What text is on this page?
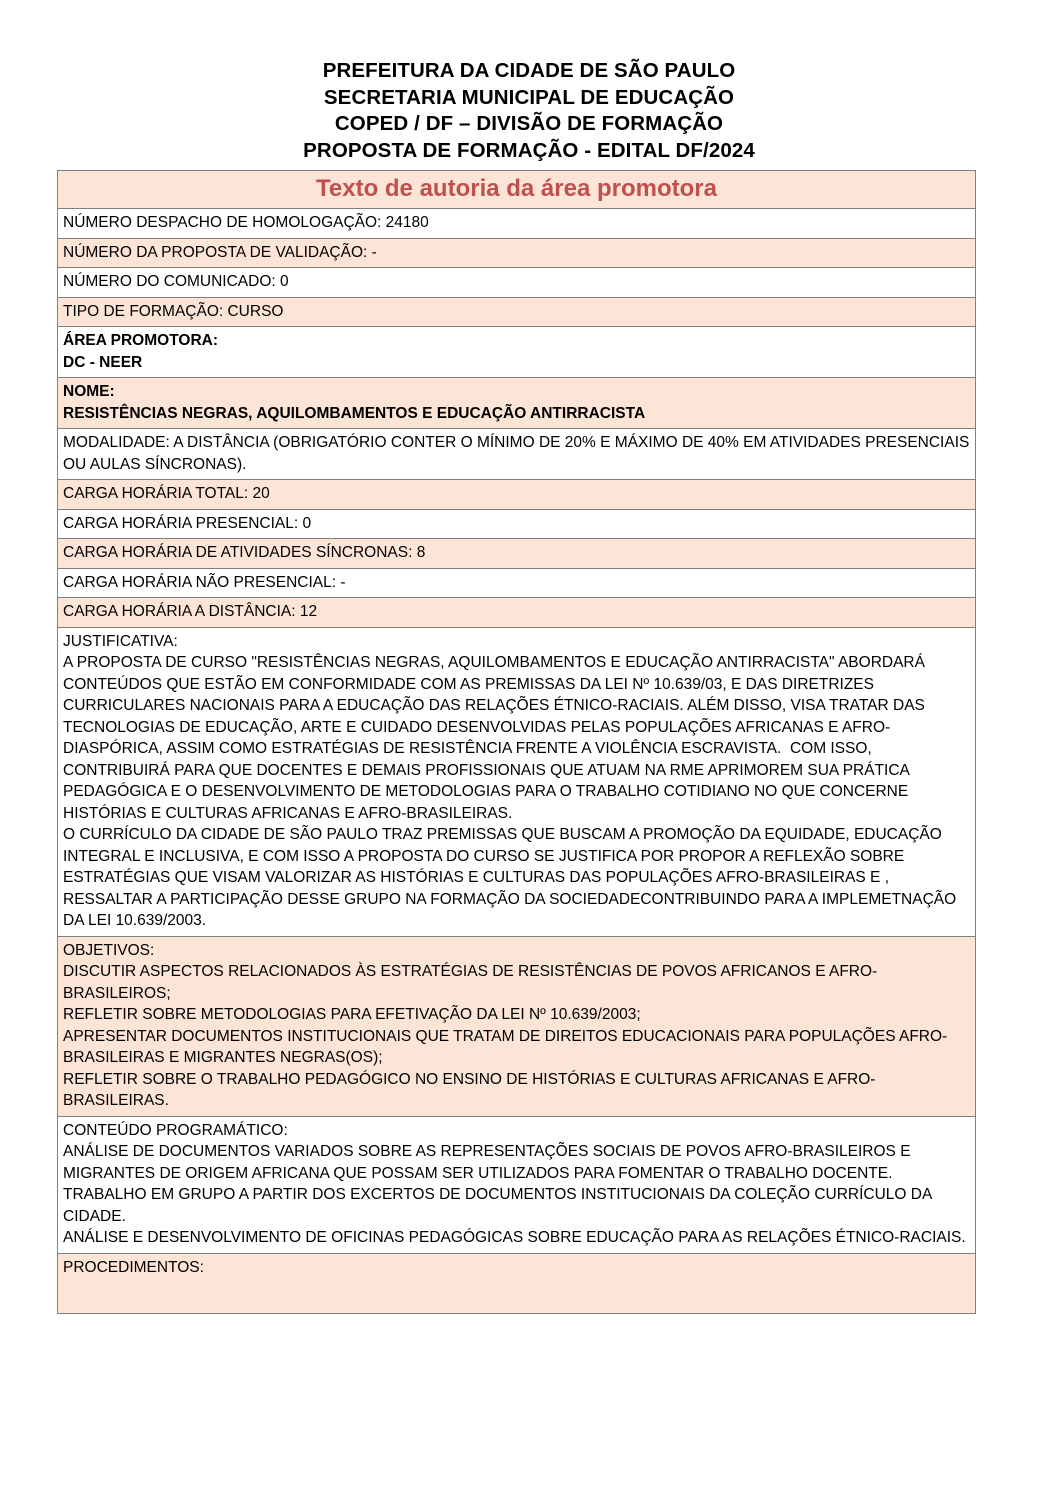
PREFEITURA DA CIDADE DE SÃO PAULO
SECRETARIA MUNICIPAL DE EDUCAÇÃO
COPED / DF – DIVISÃO DE FORMAÇÃO
PROPOSTA DE FORMAÇÃO - EDITAL DF/2024
Texto de autoria da área promotora
NÚMERO DESPACHO DE HOMOLOGAÇÃO: 24180
NÚMERO DA PROPOSTA DE VALIDAÇÃO: -
NÚMERO DO COMUNICADO: 0
TIPO DE FORMAÇÃO: CURSO

ÁREA PROMOTORA:
DC - NEER

NOME:
RESISTÊNCIAS NEGRAS, AQUILOMBAMENTOS E EDUCAÇÃO ANTIRRACISTA

MODALIDADE: A DISTÂNCIA (OBRIGATÓRIO CONTER O MÍNIMO DE 20% E MÁXIMO DE 40% EM ATIVIDADES PRESENCIAIS OU AULAS SÍNCRONAS).
CARGA HORÁRIA TOTAL: 20
CARGA HORÁRIA PRESENCIAL: 0
CARGA HORÁRIA DE ATIVIDADES SÍNCRONAS: 8
CARGA HORÁRIA NÃO PRESENCIAL: -
CARGA HORÁRIA A DISTÂNCIA: 12

JUSTIFICATIVA:
A PROPOSTA DE CURSO "RESISTÊNCIAS NEGRAS, AQUILOMBAMENTOS E EDUCAÇÃO ANTIRRACISTA" ABORDARÁ CONTEÚDOS QUE ESTÃO EM CONFORMIDADE COM AS PREMISSAS DA LEI Nº 10.639/03, E DAS DIRETRIZES CURRICULARES NACIONAIS PARA A EDUCAÇÃO DAS RELAÇÕES ÉTNICO-RACIAIS. ALÉM DISSO, VISA TRATAR DAS TECNOLOGIAS DE EDUCAÇÃO, ARTE E CUIDADO DESENVOLVIDAS PELAS POPULAÇÕES AFRICANAS E AFRO-DIASPÓRICA, ASSIM COMO ESTRATÉGIAS DE RESISTÊNCIA FRENTE A VIOLÊNCIA ESCRAVISTA.  COM ISSO, CONTRIBUIRÁ PARA QUE DOCENTES E DEMAIS PROFISSIONAIS QUE ATUAM NA RME APRIMOREM SUA PRÁTICA PEDAGÓGICA E O DESENVOLVIMENTO DE METODOLOGIAS PARA O TRABALHO COTIDIANO NO QUE CONCERNE HISTÓRIAS E CULTURAS AFRICANAS E AFRO-BRASILEIRAS.
O CURRÍCULO DA CIDADE DE SÃO PAULO TRAZ PREMISSAS QUE BUSCAM A PROMOÇÃO DA EQUIDADE, EDUCAÇÃO INTEGRAL E INCLUSIVA, E COM ISSO A PROPOSTA DO CURSO SE JUSTIFICA POR PROPOR A REFLEXÃO SOBRE ESTRATÉGIAS QUE VISAM VALORIZAR AS HISTÓRIAS E CULTURAS DAS POPULAÇÕES AFRO-BRASILEIRAS E , RESSALTAR A PARTICIPAÇÃO DESSE GRUPO NA FORMAÇÃO DA SOCIEDADECONTRIBUINDO PARA A IMPLEMETNAÇÃO DA LEI 10.639/2003.

OBJETIVOS:
DISCUTIR ASPECTOS RELACIONADOS ÀS ESTRATÉGIAS DE RESISTÊNCIAS DE POVOS AFRICANOS E AFRO-BRASILEIROS;
REFLETIR SOBRE METODOLOGIAS PARA EFETIVAÇÃO DA LEI Nº 10.639/2003;
APRESENTAR DOCUMENTOS INSTITUCIONAIS QUE TRATAM DE DIREITOS EDUCACIONAIS PARA POPULAÇÕES AFRO-BRASILEIRAS E MIGRANTES NEGRAS(OS);
REFLETIR SOBRE O TRABALHO PEDAGÓGICO NO ENSINO DE HISTÓRIAS E CULTURAS AFRICANAS E AFRO-BRASILEIRAS.

CONTEÚDO PROGRAMÁTICO:
ANÁLISE DE DOCUMENTOS VARIADOS SOBRE AS REPRESENTAÇÕES SOCIAIS DE POVOS AFRO-BRASILEIROS E MIGRANTES DE ORIGEM AFRICANA QUE POSSAM SER UTILIZADOS PARA FOMENTAR O TRABALHO DOCENTE.
TRABALHO EM GRUPO A PARTIR DOS EXCERTOS DE DOCUMENTOS INSTITUCIONAIS DA COLEÇÃO CURRÍCULO DA CIDADE.
ANÁLISE E DESENVOLVIMENTO DE OFICINAS PEDAGÓGICAS SOBRE EDUCAÇÃO PARA AS RELAÇÕES ÉTNICO-RACIAIS.

PROCEDIMENTOS:
